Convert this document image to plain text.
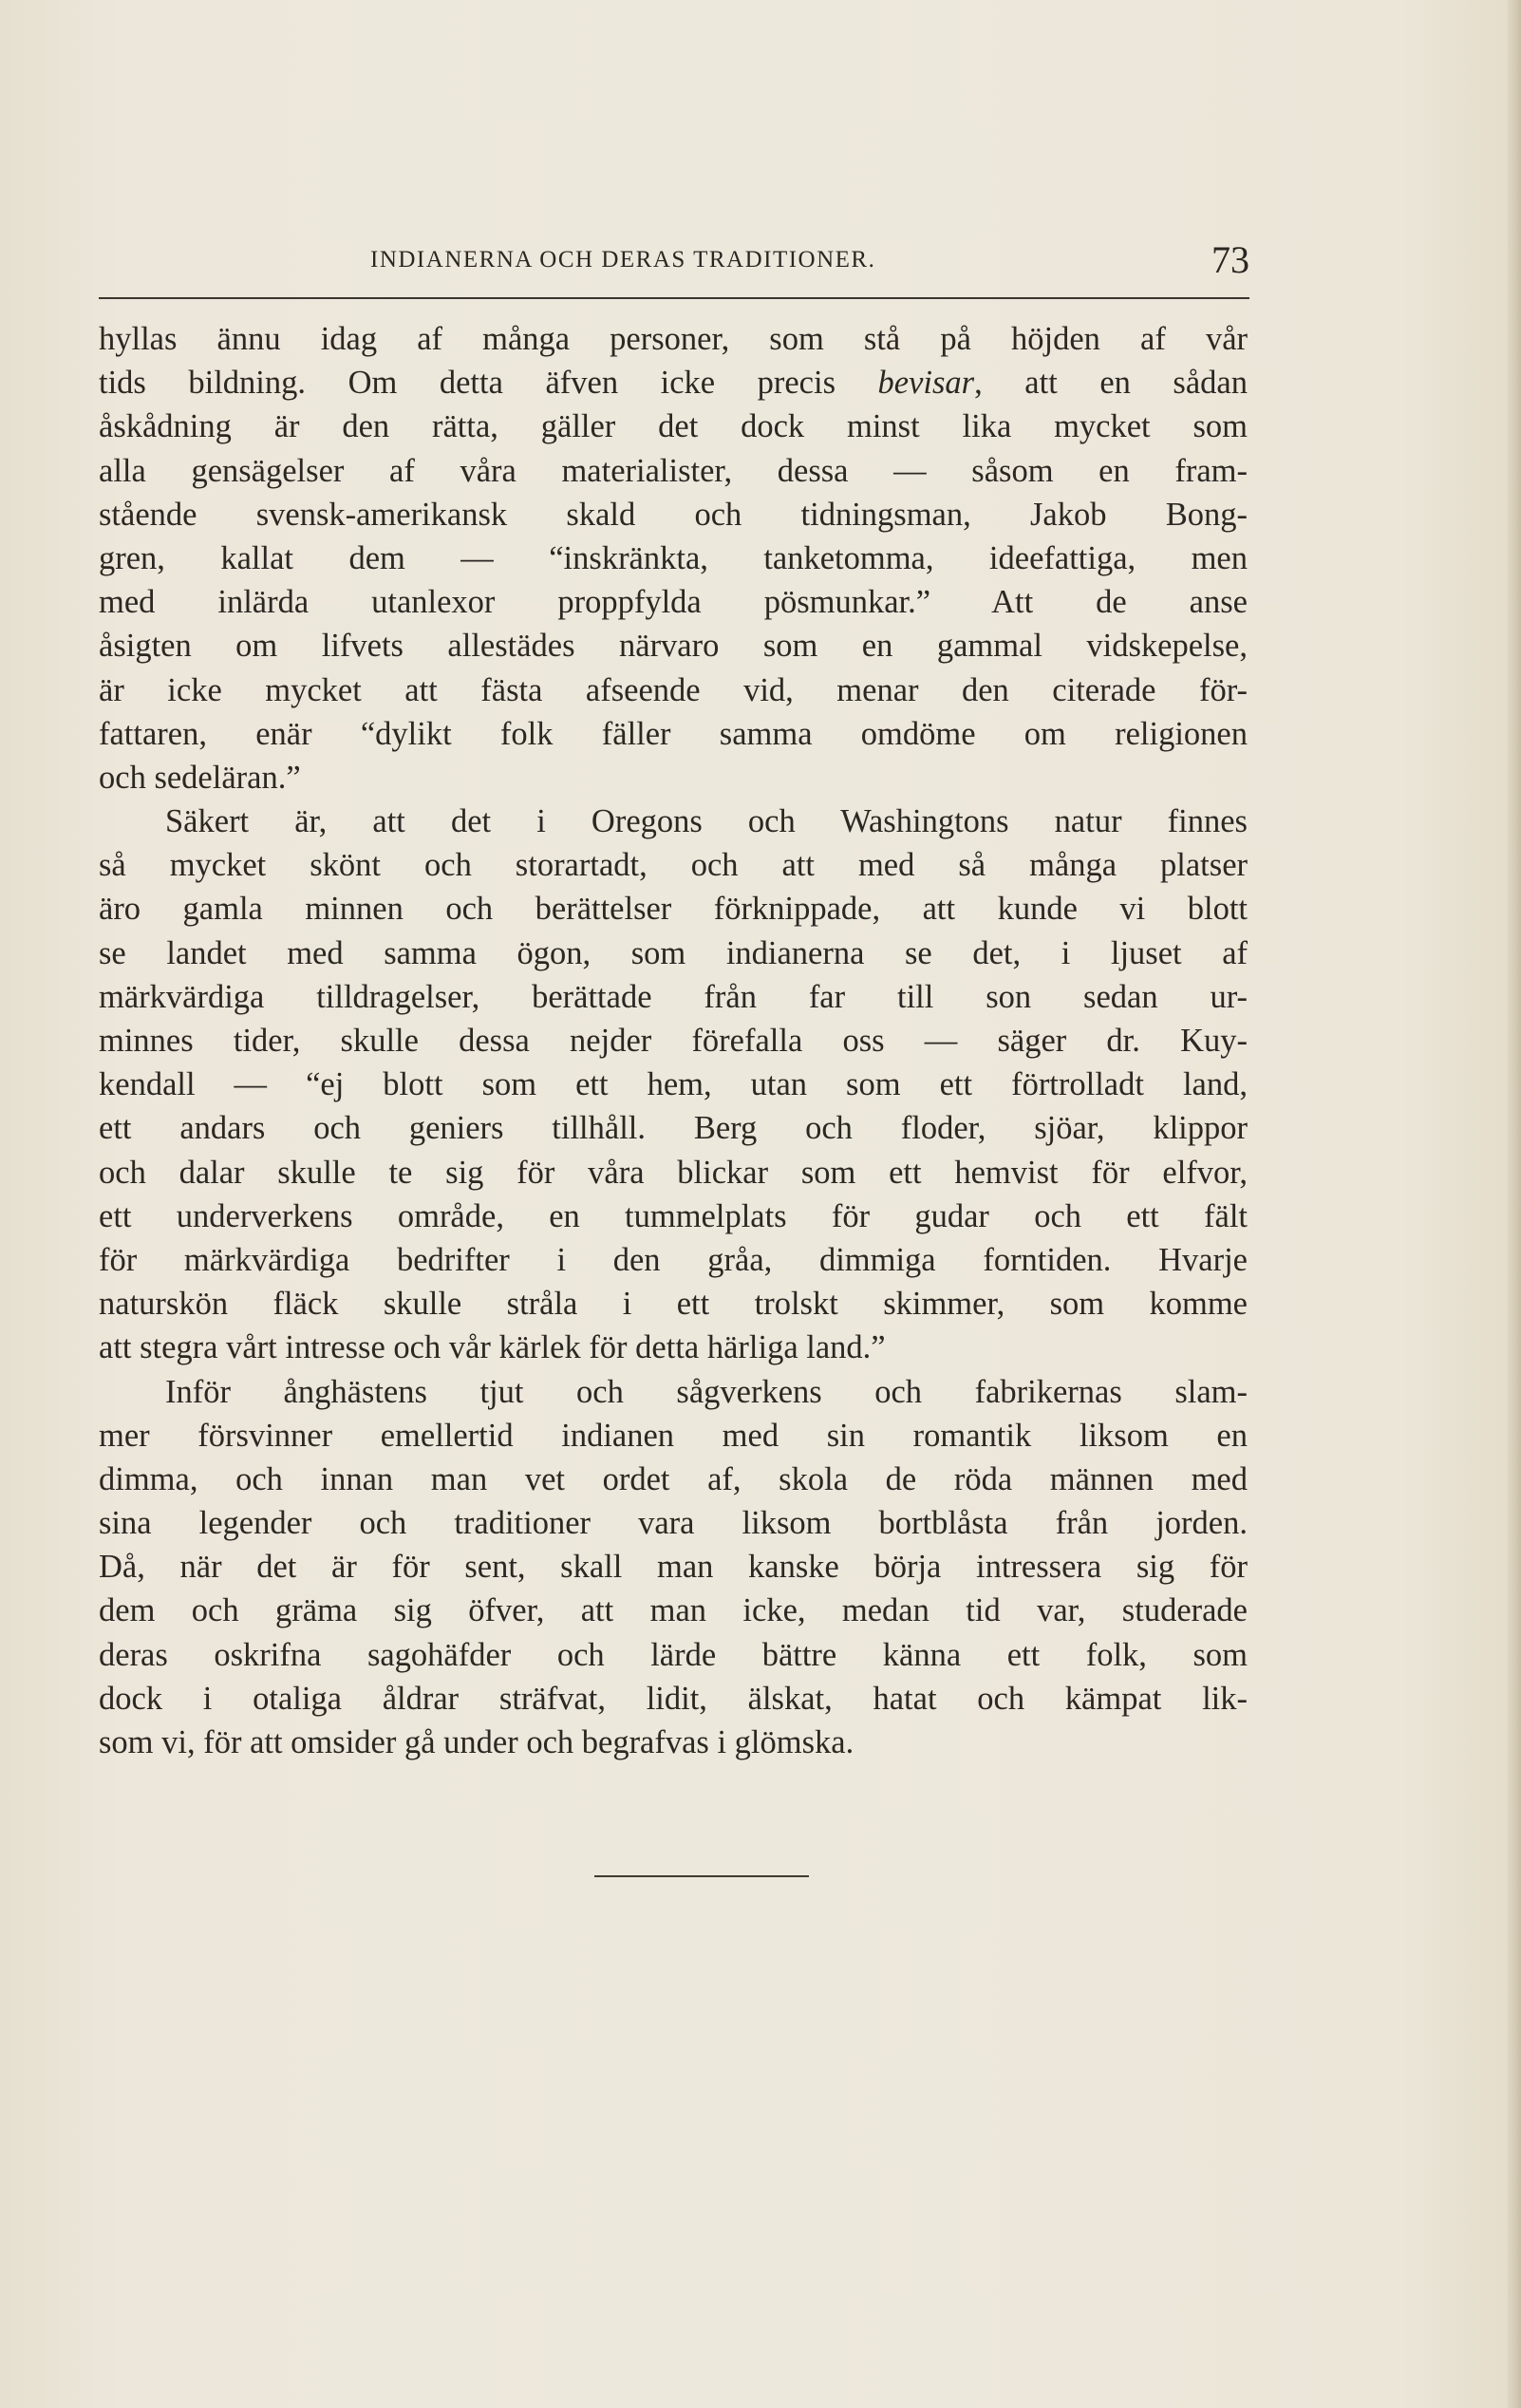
INDIANERNA OCH DERAS TRADITIONER.	73
hyllas ännu idag af många personer, som stå på höjden af vår
tids bildning. Om detta äfven icke precis bevisar, att en sådan
åskådning är den rätta, gäller det dock minst lika mycket som
alla gensägelser af våra materialister, dessa — såsom en fram-
stående svensk-amerikansk skald och tidningsman, Jakob Bong-
gren, kallat dem — “inskränkta, tanketomma, ideefattiga, men
med inlärda utanlexor proppfylda pösmunkar.” Att de anse
åsigten om lifvets allestädes närvaro som en gammal vidskepelse,
är icke mycket att fästa afseende vid, menar den citerade för-
fattaren, enär “dylikt folk fäller samma omdöme om religionen
och sedeläran.”
Säkert är, att det i Oregons och Washingtons natur finnes
så mycket skönt och storartadt, och att med så många platser
äro gamla minnen och berättelser förknippade, att kunde vi blott
se landet med samma ögon, som indianerna se det, i ljuset af
märkvärdiga tilldragelser, berättade från far till son sedan ur-
minnes tider, skulle dessa nejder förefalla oss — säger dr. Kuy-
kendall — “ej blott som ett hem, utan som ett förtrolladt land,
ett andars och geniers tillhåll. Berg och floder, sjöar, klippor
och dalar skulle te sig för våra blickar som ett hemvist för elfvor,
ett underverkens område, en tummelplats för gudar och ett fält
för märkvärdiga bedrifter i den gråa, dimmiga forntiden. Hvarje
naturskön fläck skulle stråla i ett trolskt skimmer, som komme
att stegra vårt intresse och vår kärlek för detta härliga land.”
Inför ånghästens tjut och sågverkens och fabrikernas slam-
mer försvinner emellertid indianen med sin romantik liksom en
dimma, och innan man vet ordet af, skola de röda männen med
sina legender och traditioner vara liksom bortblåsta från jorden.
Då, när det är för sent, skall man kanske börja intressera sig för
dem och gräma sig öfver, att man icke, medan tid var, studerade
deras oskrifna sagohäfder och lärde bättre känna ett folk, som
dock i otaliga åldrar sträfvat, lidit, älskat, hatat och kämpat lik-
som vi, för att omsider gå under och begrafvas i glömska.
